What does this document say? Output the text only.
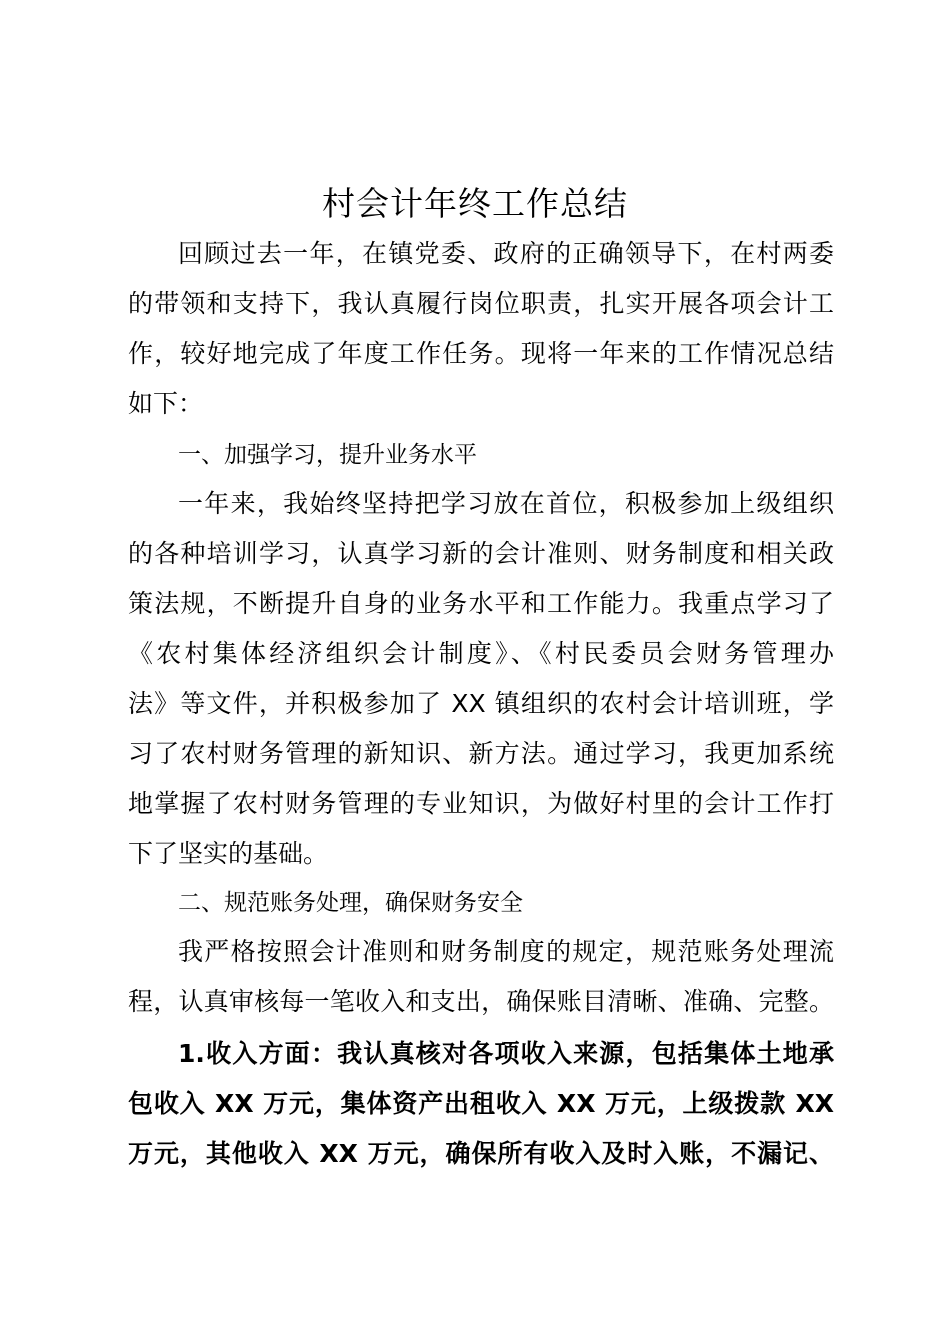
村会计年终工作总结
回顾过去一年，在镇党委、政府的正确领导下，在村两委
的带领和支持下，我认真履行岗位职责，扎实开展各项会计工
作，较好地完成了年度工作任务。现将一年来的工作情况总结
如下：
一、加强学习，提升业务水平
一年来，我始终坚持把学习放在首位，积极参加上级组织
的各种培训学习，认真学习新的会计准则、财务制度和相关政
策法规，不断提升自身的业务水平和工作能力。我重点学习了
《农村集体经济组织会计制度》、《村民委员会财务管理办
法》等文件，并积极参加了 XX 镇组织的农村会计培训班，学
习了农村财务管理的新知识、新方法。通过学习，我更加系统
地掌握了农村财务管理的专业知识，为做好村里的会计工作打
下了坚实的基础。
二、规范账务处理，确保财务安全
我严格按照会计准则和财务制度的规定，规范账务处理流
程，认真审核每一笔收入和支出，确保账目清晰、准确、完整。
1.收入方面：我认真核对各项收入来源，包括集体土地承
包收入 XX 万元，集体资产出租收入 XX 万元，上级拨款 XX
万元，其他收入 XX 万元，确保所有收入及时入账，不漏记、
